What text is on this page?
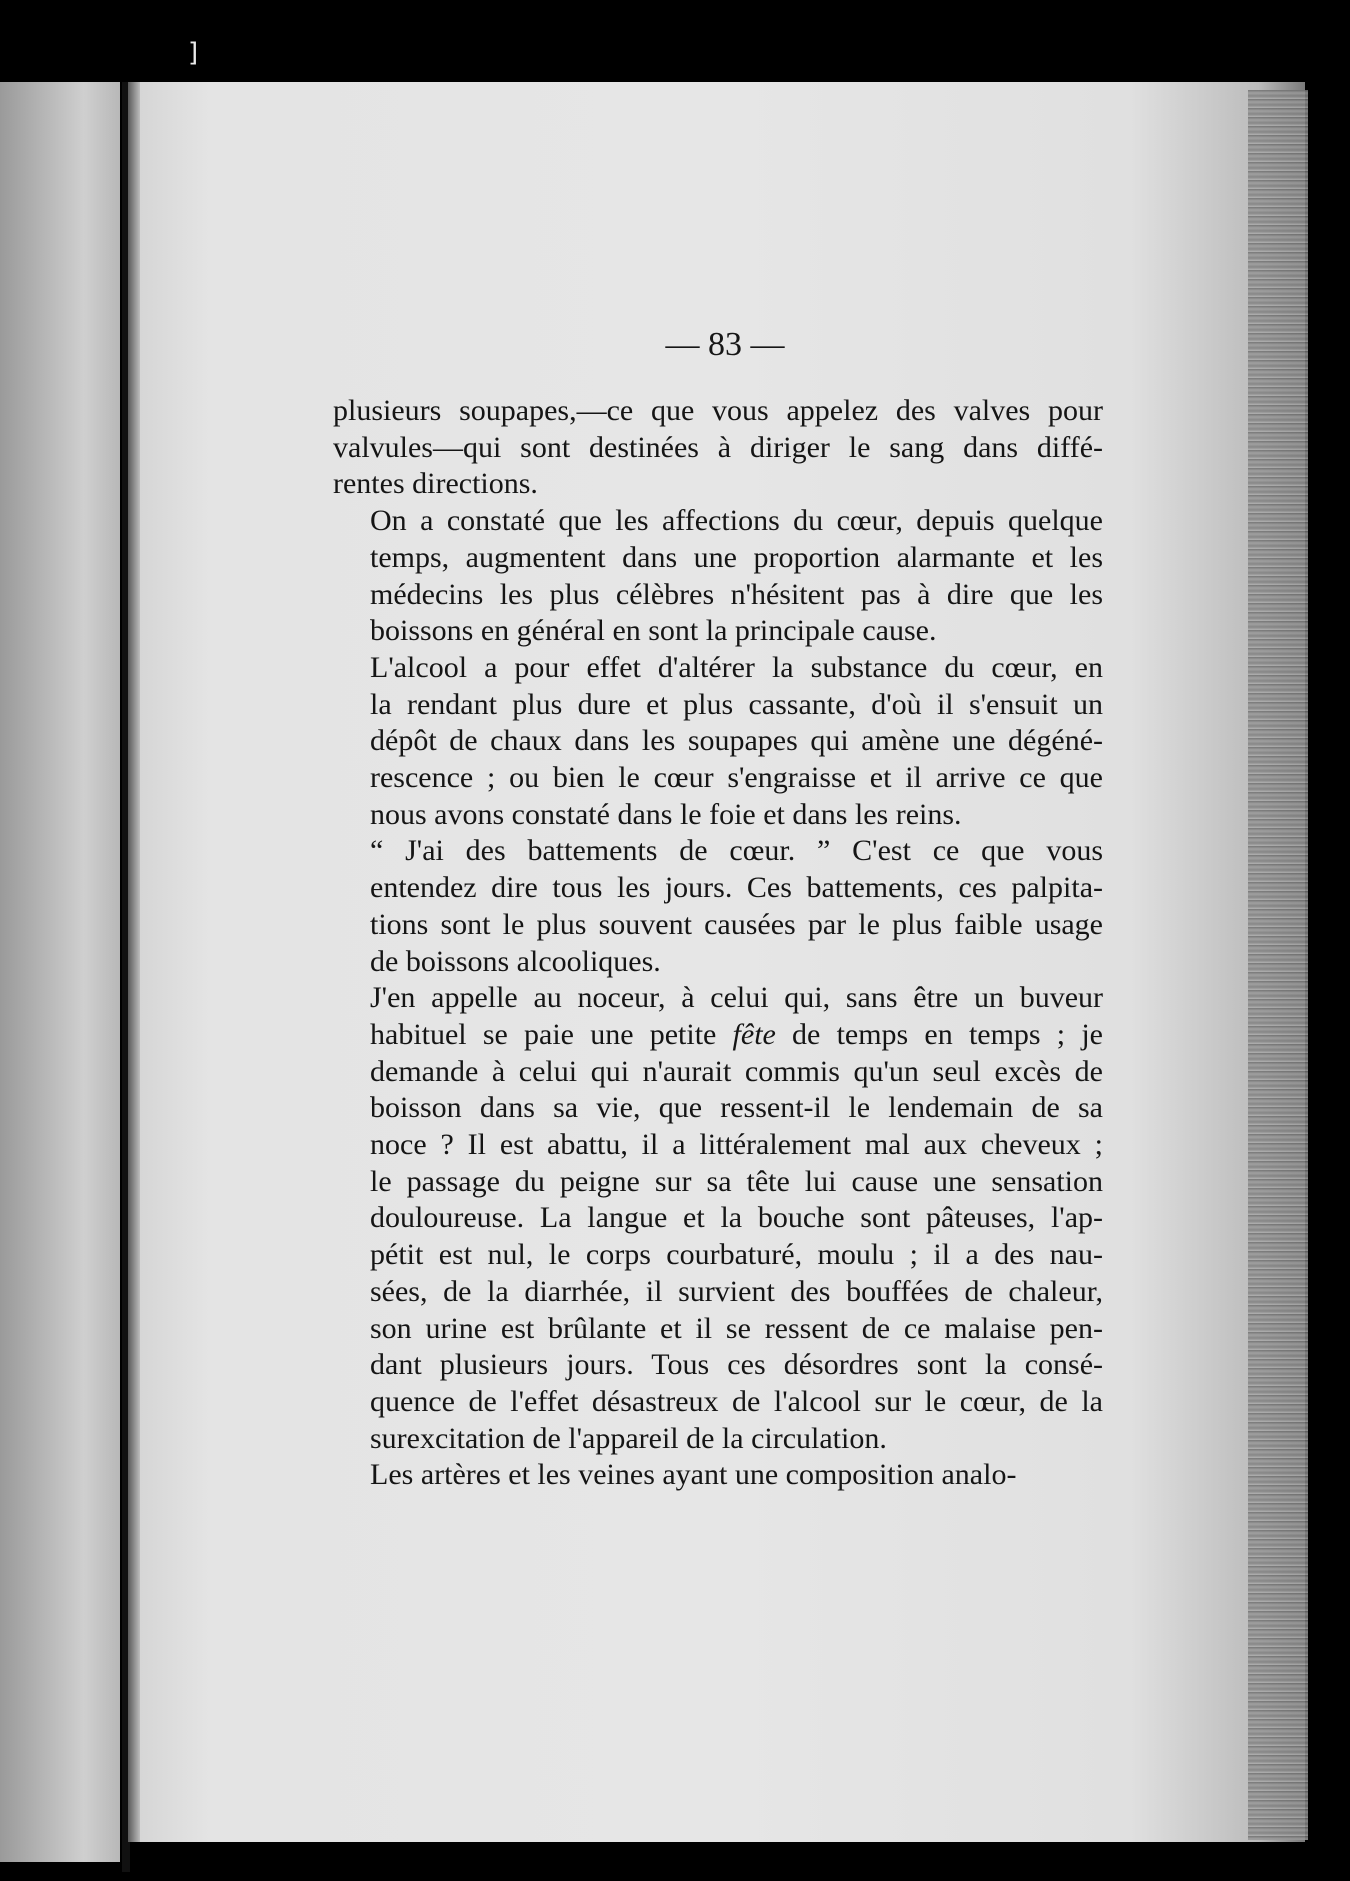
]
— 83 —

plusieurs soupapes,—ce que vous appelez des valves pour
valvules—qui sont destinées à diriger le sang dans diffé-
rentes directions.

On a constaté que les affections du cœur, depuis quelque
temps, augmentent dans une proportion alarmante et les
médecins les plus célèbres n'hésitent pas à dire que les
boissons en général en sont la principale cause.

L'alcool a pour effet d'altérer la substance du cœur, en
la rendant plus dure et plus cassante, d'où il s'ensuit un
dépôt de chaux dans les soupapes qui amène une dégéné-
rescence ; ou bien le cœur s'engraisse et il arrive ce que
nous avons constaté dans le foie et dans les reins.

“ J'ai des battements de cœur. ” C'est ce que vous
entendez dire tous les jours. Ces battements, ces palpita-
tions sont le plus souvent causées par le plus faible usage
de boissons alcooliques.

J'en appelle au noceur, à celui qui, sans être un buveur
habituel se paie une petite fête de temps en temps ; je
demande à celui qui n'aurait commis qu'un seul excès de
boisson dans sa vie, que ressent-il le lendemain de sa
noce ? Il est abattu, il a littéralement mal aux cheveux ;
le passage du peigne sur sa tête lui cause une sensation
douloureuse. La langue et la bouche sont pâteuses, l'ap-
pétit est nul, le corps courbaturé, moulu ; il a des nau-
sées, de la diarrhée, il survient des bouffées de chaleur,
son urine est brûlante et il se ressent de ce malaise pen-
dant plusieurs jours. Tous ces désordres sont la consé-
quence de l'effet désastreux de l'alcool sur le cœur, de la
surexcitation de l'appareil de la circulation.

Les artères et les veines ayant une composition analo-
